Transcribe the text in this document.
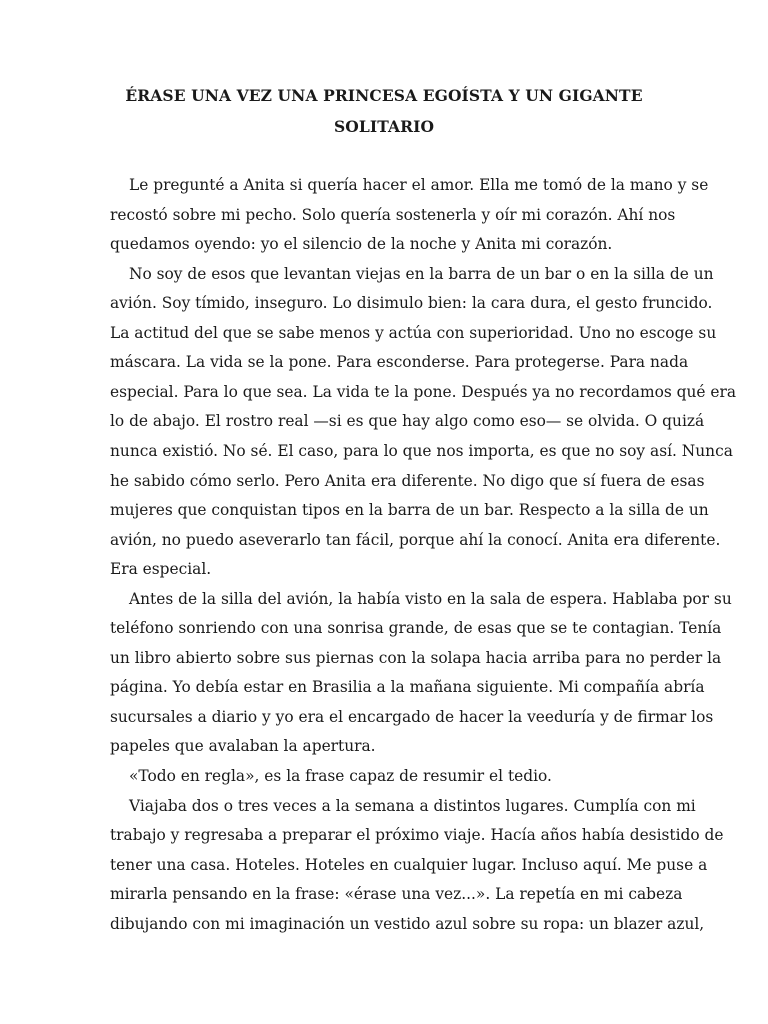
ÉRASE UNA VEZ UNA PRINCESA EGOÍSTA Y UN GIGANTE
SOLITARIO
Le pregunté a Anita si quería hacer el amor. Ella me tomó de la mano y se
recostó sobre mi pecho. Solo quería sostenerla y oír mi corazón. Ahí nos
quedamos oyendo: yo el silencio de la noche y Anita mi corazón.
No soy de esos que levantan viejas en la barra de un bar o en la silla de un
avión. Soy tímido, inseguro. Lo disimulo bien: la cara dura, el gesto fruncido.
La actitud del que se sabe menos y actúa con superioridad. Uno no escoge su
máscara. La vida se la pone. Para esconderse. Para protegerse. Para nada
especial. Para lo que sea. La vida te la pone. Después ya no recordamos qué era
lo de abajo. El rostro real —si es que hay algo como eso— se olvida. O quizá
nunca existió. No sé. El caso, para lo que nos importa, es que no soy así. Nunca
he sabido cómo serlo. Pero Anita era diferente. No digo que sí fuera de esas
mujeres que conquistan tipos en la barra de un bar. Respecto a la silla de un
avión, no puedo aseverarlo tan fácil, porque ahí la conocí. Anita era diferente.
Era especial.
Antes de la silla del avión, la había visto en la sala de espera. Hablaba por su
teléfono sonriendo con una sonrisa grande, de esas que se te contagian. Tenía
un libro abierto sobre sus piernas con la solapa hacia arriba para no perder la
página. Yo debía estar en Brasilia a la mañana siguiente. Mi compañía abría
sucursales a diario y yo era el encargado de hacer la veeduría y de firmar los
papeles que avalaban la apertura.
«Todo en regla», es la frase capaz de resumir el tedio.
Viajaba dos o tres veces a la semana a distintos lugares. Cumplía con mi
trabajo y regresaba a preparar el próximo viaje. Hacía años había desistido de
tener una casa. Hoteles. Hoteles en cualquier lugar. Incluso aquí. Me puse a
mirarla pensando en la frase: «érase una vez...». La repetía en mi cabeza
dibujando con mi imaginación un vestido azul sobre su ropa: un blazer azul,
